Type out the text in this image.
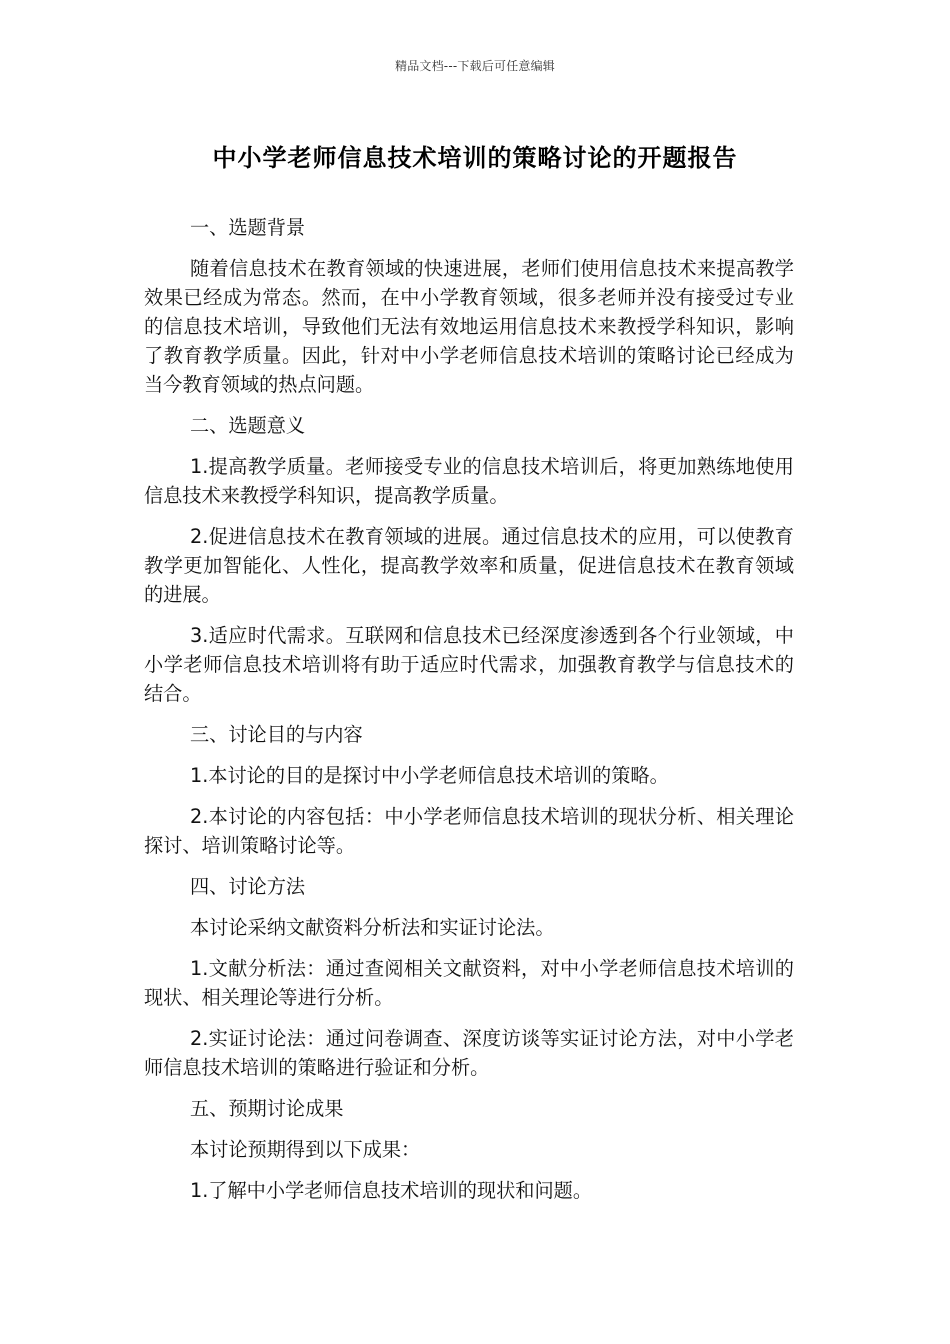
精品文档---下载后可任意编辑
中小学老师信息技术培训的策略讨论的开题报告

一、选题背景

随着信息技术在教育领域的快速进展，老师们使用信息技术来提高教学效果已经成为常态。然而，在中小学教育领域，很多老师并没有接受过专业的信息技术培训，导致他们无法有效地运用信息技术来教授学科知识，影响了教育教学质量。因此，针对中小学老师信息技术培训的策略讨论已经成为当今教育领域的热点问题。

二、选题意义

1.提高教学质量。老师接受专业的信息技术培训后，将更加熟练地使用信息技术来教授学科知识，提高教学质量。

2.促进信息技术在教育领域的进展。通过信息技术的应用，可以使教育教学更加智能化、人性化，提高教学效率和质量，促进信息技术在教育领域的进展。

3.适应时代需求。互联网和信息技术已经深度渗透到各个行业领域，中小学老师信息技术培训将有助于适应时代需求，加强教育教学与信息技术的结合。

三、讨论目的与内容

1.本讨论的目的是探讨中小学老师信息技术培训的策略。

2.本讨论的内容包括：中小学老师信息技术培训的现状分析、相关理论探讨、培训策略讨论等。

四、讨论方法

本讨论采纳文献资料分析法和实证讨论法。

1.文献分析法：通过查阅相关文献资料，对中小学老师信息技术培训的现状、相关理论等进行分析。

2.实证讨论法：通过问卷调查、深度访谈等实证讨论方法，对中小学老师信息技术培训的策略进行验证和分析。

五、预期讨论成果

本讨论预期得到以下成果：

1.了解中小学老师信息技术培训的现状和问题。
